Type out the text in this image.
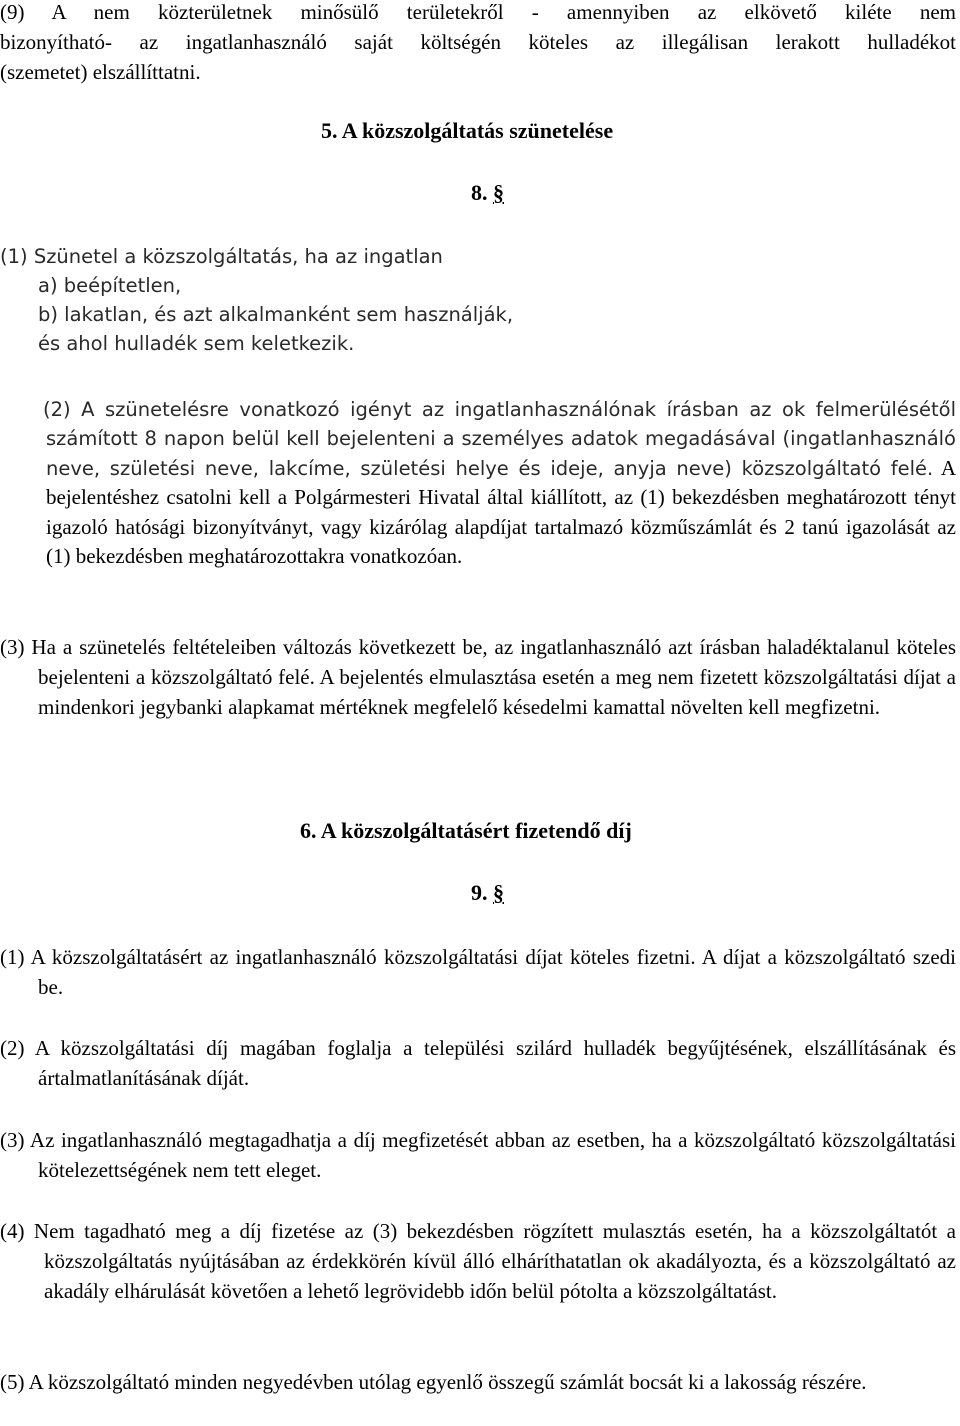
(9) A nem közterületnek minősülő területekről - amennyiben az elkövető kiléte nem
bizonyítható- az ingatlanhasználó saját költségén köteles az illegálisan lerakott hulladékot
(szemetet) elszállíttatni.
5. A közszolgáltatás szünetelése
8. §
(1) Szünetel a közszolgáltatás, ha az ingatlan
a) beépítetlen,
b) lakatlan, és azt alkalmanként sem használják,
és ahol hulladék sem keletkezik.
(2) A szünetelésre vonatkozó igényt az ingatlanhasználónak írásban az ok felmerülésétől számított 8 napon belül kell bejelenteni a személyes adatok megadásával (ingatlanhasználó neve, születési neve, lakcíme, születési helye és ideje, anyja neve) közszolgáltató felé. A bejelentéshez csatolni kell a Polgármesteri Hivatal által kiállított, az (1) bekezdésben meghatározott tényt igazoló hatósági bizonyítványt, vagy kizárólag alapdíjat tartalmazó közműszámlát és 2 tanú igazolását az (1) bekezdésben meghatározottakra vonatkozóan.
(3) Ha a szünetelés feltételeiben változás következett be, az ingatlanhasználó azt írásban haladéktalanul köteles bejelenteni a közszolgáltató felé. A bejelentés elmulasztása esetén a meg nem fizetett közszolgáltatási díjat a mindenkori jegybanki alapkamat mértéknek megfelelő késedelmi kamattal növelten kell megfizetni.
6. A közszolgáltatásért fizetendő díj
9. §
(1) A közszolgáltatásért az ingatlanhasználó közszolgáltatási díjat köteles fizetni. A díjat a közszolgáltató szedi be.
(2) A közszolgáltatási díj magában foglalja a települési szilárd hulladék begyűjtésének, elszállításának és ártalmatlanításának díját.
(3) Az ingatlanhasználó megtagadhatja a díj megfizetését abban az esetben, ha a közszolgáltató közszolgáltatási kötelezettségének nem tett eleget.
(4) Nem tagadható meg a díj fizetése az (3) bekezdésben rögzített mulasztás esetén, ha a közszolgáltatót a közszolgáltatás nyújtásában az érdekkörén kívül álló elháríthatatlan ok akadályozta, és a közszolgáltató az akadály elhárulását követően a lehető legrövidebb időn belül pótolta a közszolgáltatást.
(5) A közszolgáltató minden negyedévben utólag egyenlő összegű számlát bocsát ki a lakosság részére.
